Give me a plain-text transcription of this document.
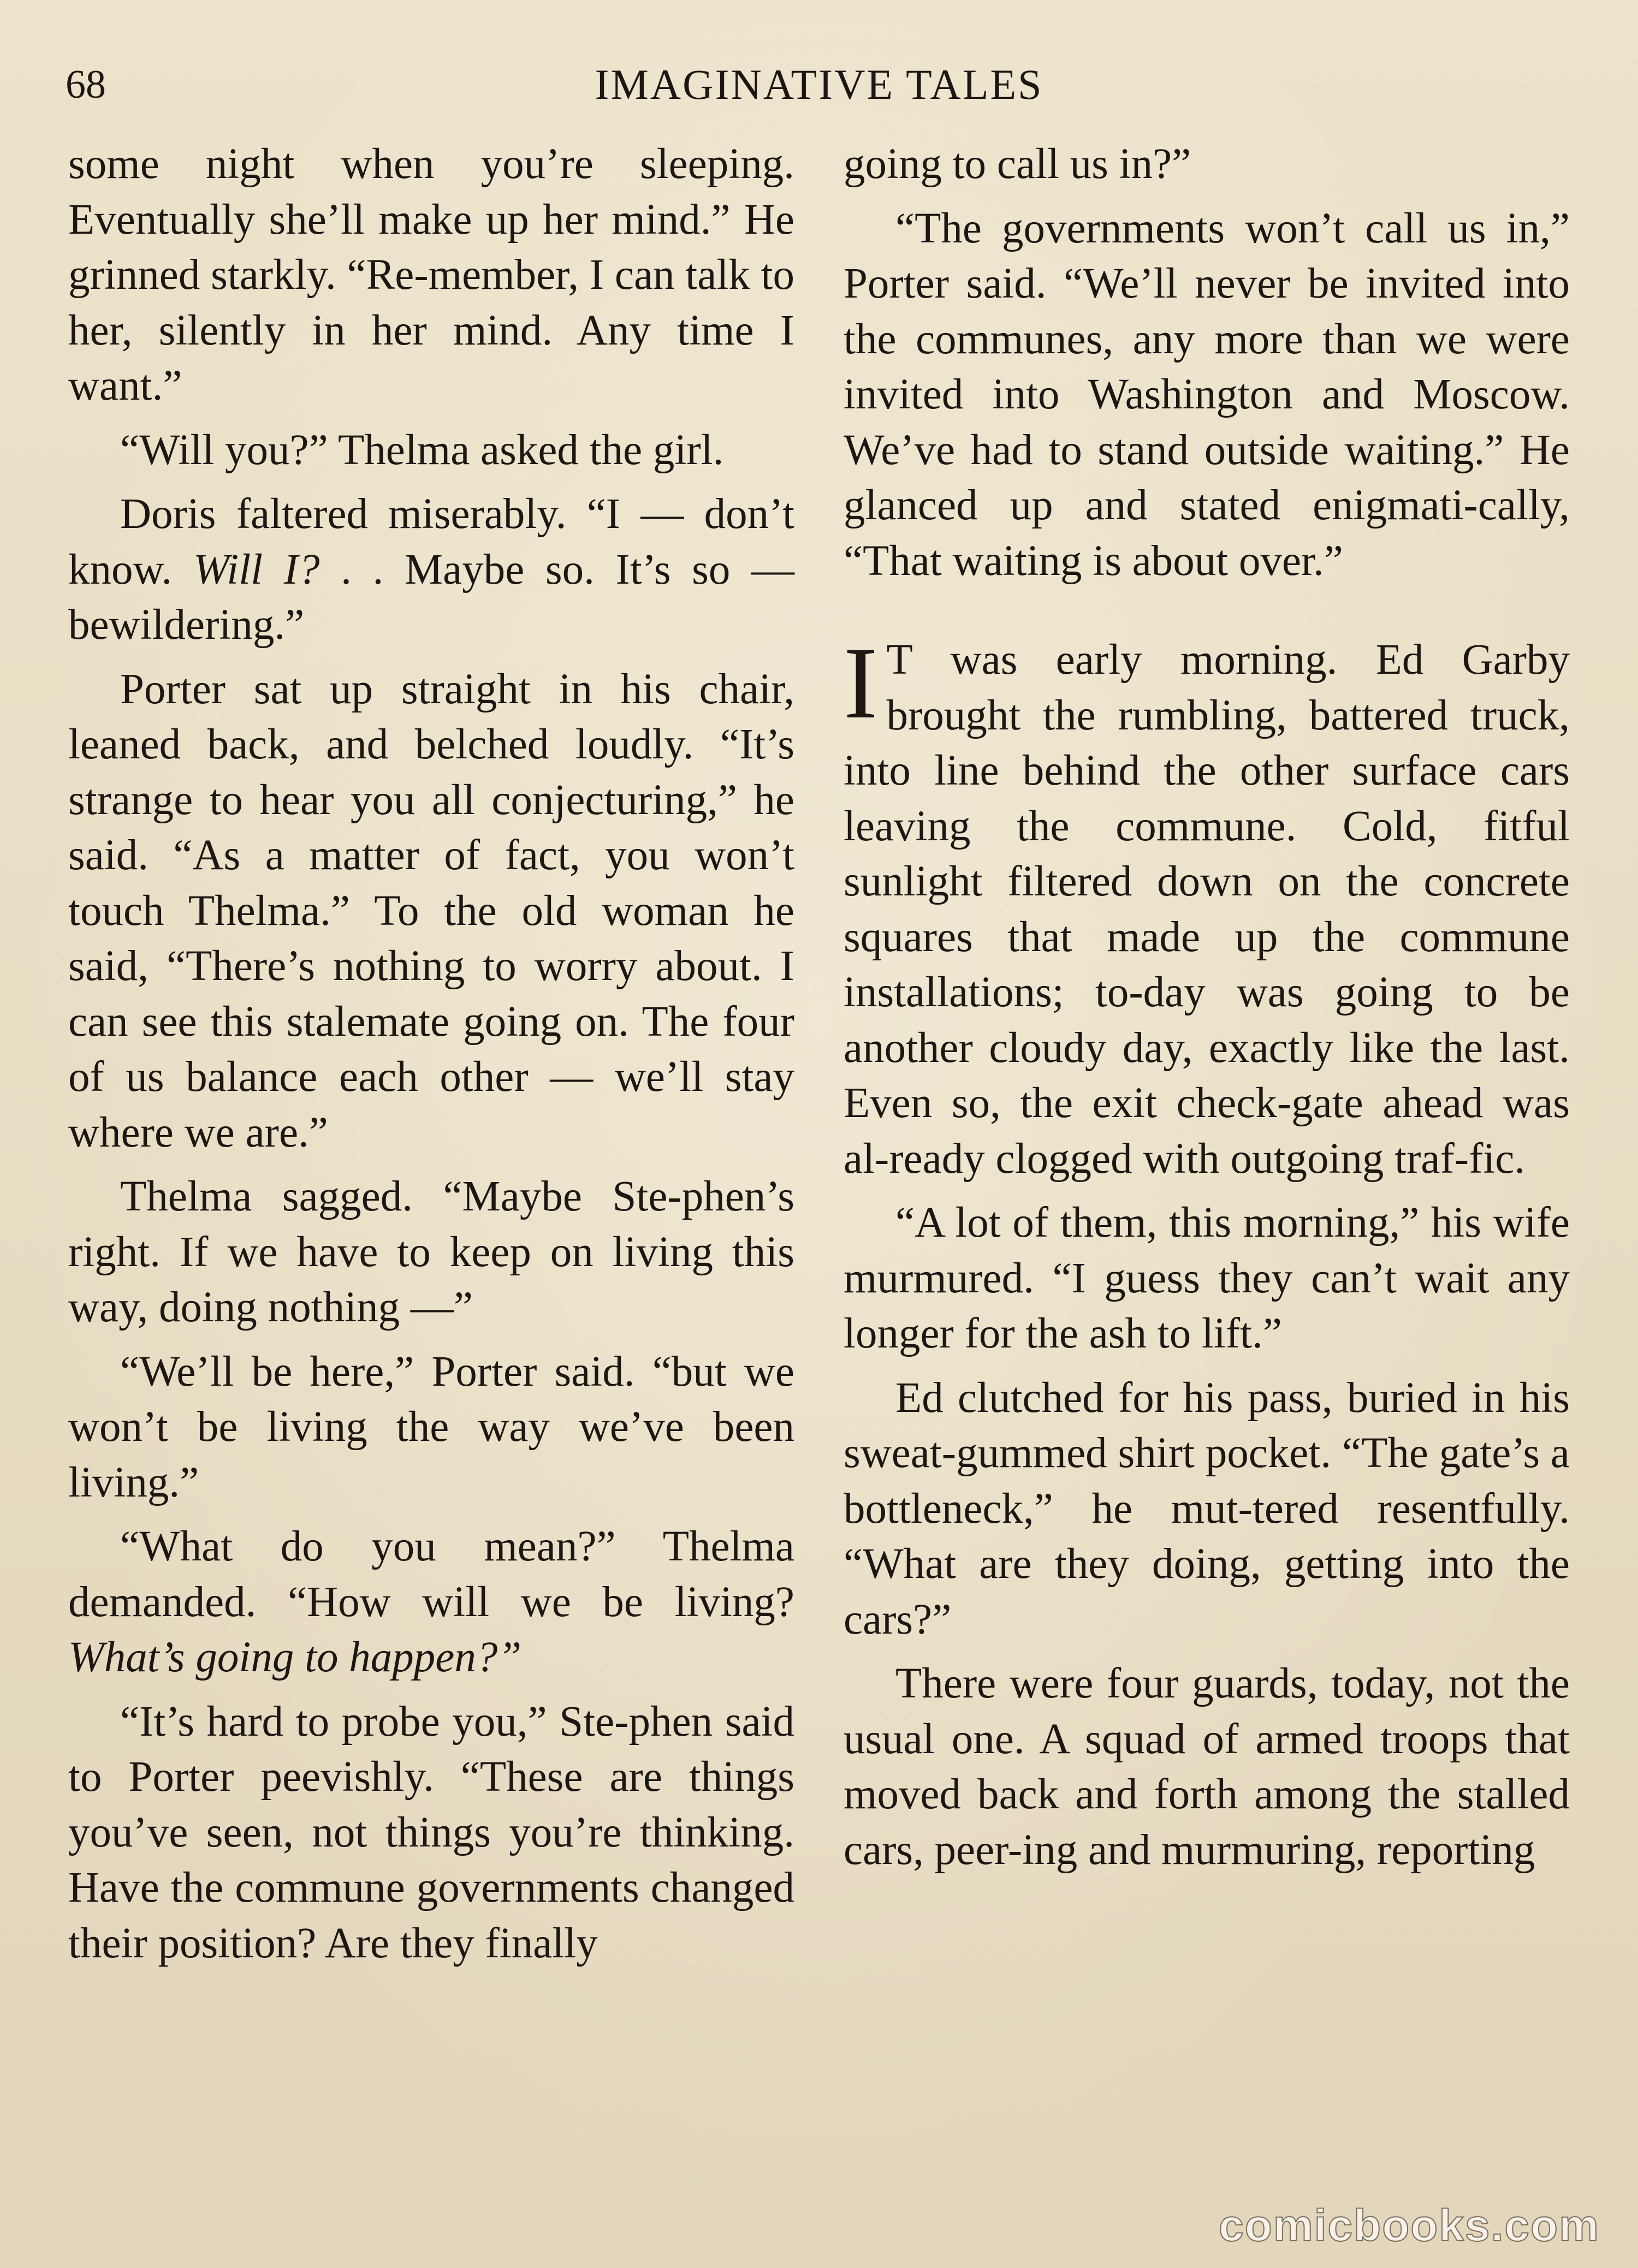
68	IMAGINATIVE TALES

some night when you’re sleeping. Eventually she’ll make up her mind.” He grinned starkly. “Re-member, I can talk to her, silently in her mind. Any time I want.”

“Will you?” Thelma asked the girl.

Doris faltered miserably. “I — don’t know. Will I? . . Maybe so. It’s so —bewildering.”

Porter sat up straight in his chair, leaned back, and belched loudly. “It’s strange to hear you all conjecturing,” he said. “As a matter of fact, you won’t touch Thelma.” To the old woman he said, “There’s nothing to worry about. I can see this stalemate going on. The four of us balance each other — we’ll stay where we are.”

Thelma sagged. “Maybe Ste-phen’s right. If we have to keep on living this way, doing nothing —”

“We’ll be here,” Porter said. “but we won’t be living the way we’ve been living.”

“What do you mean?” Thelma demanded. “How will we be living? What’s going to happen?”

“It’s hard to probe you,” Ste-phen said to Porter peevishly. “These are things you’ve seen, not things you’re thinking. Have the commune governments changed their position? Are they finally

going to call us in?”

“The governments won’t call us in,” Porter said. “We’ll never be invited into the communes, any more than we were invited into Washington and Moscow. We’ve had to stand outside waiting.” He glanced up and stated enigmati-cally, “That waiting is about over.”

I T was early morning. Ed Garby brought the rumbling, battered truck, into line behind the other surface cars leaving the commune. Cold, fitful sunlight filtered down on the concrete squares that made up the commune installations; to-day was going to be another cloudy day, exactly like the last. Even so, the exit check-gate ahead was al-ready clogged with outgoing traf-fic.

“A lot of them, this morning,” his wife murmured. “I guess they can’t wait any longer for the ash to lift.”

Ed clutched for his pass, buried in his sweat-gummed shirt pocket. “The gate’s a bottleneck,” he mut-tered resentfully. “What are they doing, getting into the cars?”

There were four guards, today, not the usual one. A squad of armed troops that moved back and forth among the stalled cars, peer-ing and murmuring, reporting

comicbooks.com
